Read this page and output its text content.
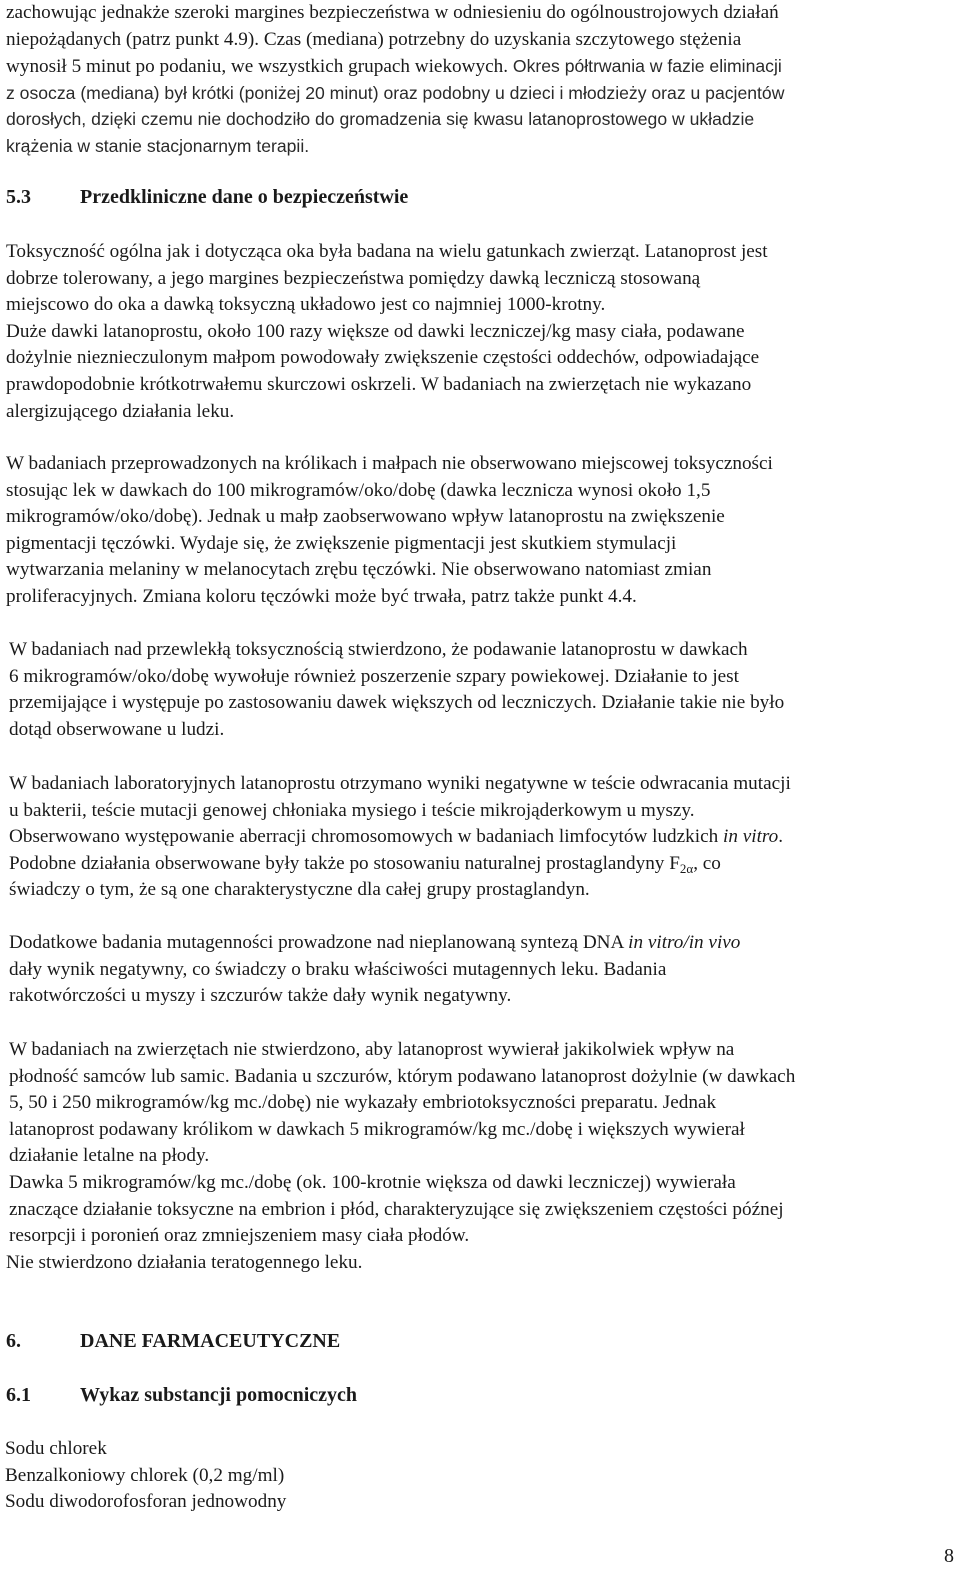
zachowując jednakże szeroki margines bezpieczeństwa w odniesieniu do ogólnoustrojowych działań

niepożądanych (patrz punkt 4.9). Czas (mediana) potrzebny do uzyskania szczytowego stężenia

wynosił 5 minut po podaniu, we wszystkich grupach wiekowych. Okres półtrwania w fazie eliminacji

z osocza (mediana) był krótki (poniżej 20 minut) oraz podobny u dzieci i młodzieży oraz u pacjentów

dorosłych, dzięki czemu nie dochodziło do gromadzenia się kwasu latanoprostowego w układzie

krążenia w stanie stacjonarnym terapii.

5.3 Przedkliniczne dane o bezpieczeństwie

Toksyczność ogólna jak i dotycząca oka była badana na wielu gatunkach zwierząt. Latanoprost jest

dobrze tolerowany, a jego margines bezpieczeństwa pomiędzy dawką leczniczą stosowaną

miejscowo do oka a dawką toksyczną układowo jest co najmniej 1000-krotny.

Duże dawki latanoprostu, około 100 razy większe od dawki leczniczej/kg masy ciała, podawane

dożylnie nieznieczulonym małpom powodowały zwiększenie częstości oddechów, odpowiadające

prawdopodobnie krótkotrwałemu skurczowi oskrzeli. W badaniach na zwierzętach nie wykazano

alergizującego działania leku.

W badaniach przeprowadzonych na królikach i małpach nie obserwowano miejscowej toksyczności

stosując lek w dawkach do 100 mikrogramów/oko/dobę (dawka lecznicza wynosi około 1,5

mikrogramów/oko/dobę). Jednak u małp zaobserwowano wpływ latanoprostu na zwiększenie

pigmentacji tęczówki. Wydaje się, że zwiększenie pigmentacji jest skutkiem stymulacji

wytwarzania melaniny w melanocytach zrębu tęczówki. Nie obserwowano natomiast zmian

proliferacyjnych. Zmiana koloru tęczówki może być trwała, patrz także punkt 4.4.

W badaniach nad przewlekłą toksycznością stwierdzono, że podawanie latanoprostu w dawkach

6 mikrogramów/oko/dobę wywołuje również poszerzenie szpary powiekowej. Działanie to jest

przemijające i występuje po zastosowaniu dawek większych od leczniczych. Działanie takie nie było

dotąd obserwowane u ludzi.

W badaniach laboratoryjnych latanoprostu otrzymano wyniki negatywne w teście odwracania mutacji

u bakterii, teście mutacji genowej chłoniaka mysiego i teście mikrojąderkowym u myszy.

Obserwowano występowanie aberracji chromosomowych w badaniach limfocytów ludzkich in vitro.

Podobne działania obserwowane były także po stosowaniu naturalnej prostaglandyny $F_{2\alpha}$, co

świadczy o tym, że są one charakterystyczne dla całej grupy prostaglandyn.

Dodatkowe badania mutagenności prowadzone nad nieplanowaną syntezą DNA in vitro/in vivo

dały wynik negatywny, co świadczy o braku właściwości mutagennych leku. Badania

rakotwórczości u myszy i szczurów także dały wynik negatywny.

W badaniach na zwierzętach nie stwierdzono, aby latanoprost wywierał jakikolwiek wpływ na

płodność samców lub samic. Badania u szczurów, którym podawano latanoprost dożylnie (w dawkach

5, 50 i 250 mikrogramów/kg mc./dobę) nie wykazały embriotoksyczności preparatu. Jednak

latanoprost podawany królikom w dawkach 5 mikrogramów/kg mc./dobę i większych wywierał

działanie letalne na płody.

Dawka 5 mikrogramów/kg mc./dobę (ok. 100-krotnie większa od dawki leczniczej) wywierała

znaczące działanie toksyczne na embrion i płód, charakteryzujące się zwiększeniem częstości późnej

resorpcji i poronień oraz zmniejszeniem masy ciała płodów.

Nie stwierdzono działania teratogennego leku.

6.	DANE FARMACEUTYCZNE
6.1 Wykaz substancji pomocniczych

Sodu chlorek

Benzalkoniowy chlorek (0,2 mg/ml)

Sodu diwodorofosforan jednowodny

8
